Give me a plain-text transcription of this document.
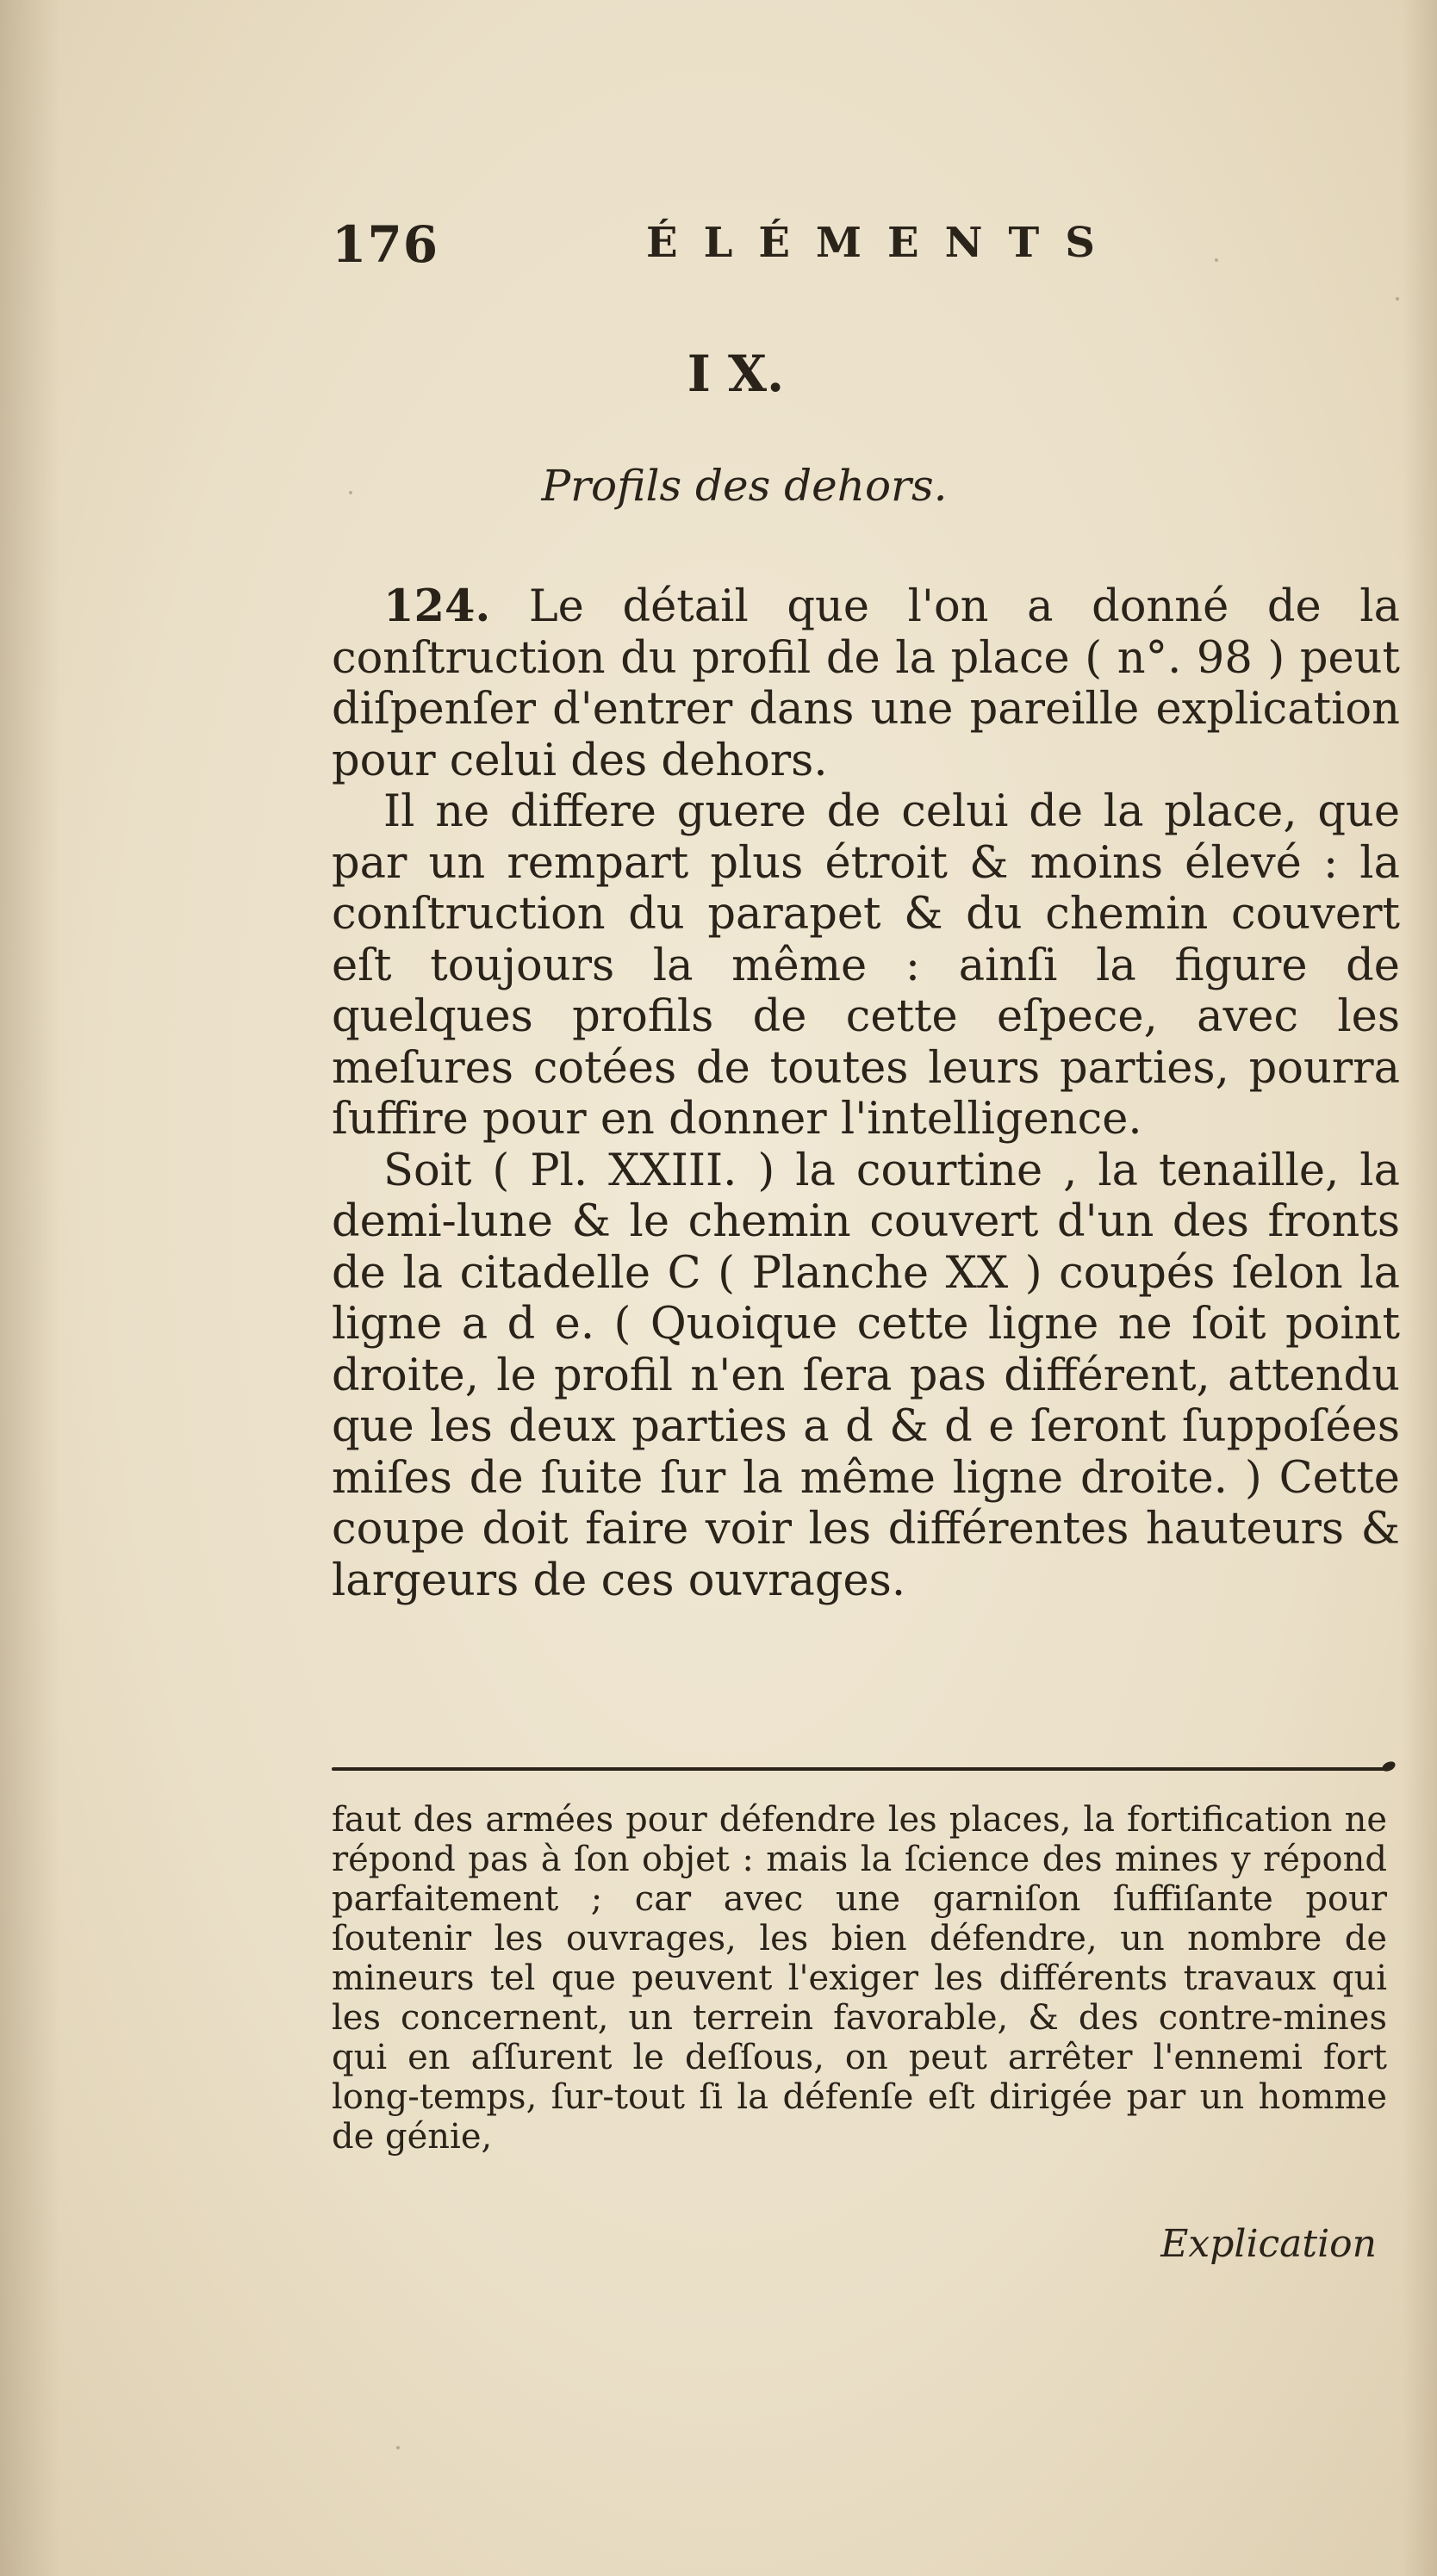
176	ÉLÉMENTS
I X.
Profils des dehors.

124. Le détail que l'on a donné de la conſtruction du profil de la place ( n°. 98 ) peut diſpenſer d'entrer dans une pareille explication pour celui des dehors.

Il ne differe guere de celui de la place, que par un rempart plus étroit & moins élevé : la conſtruction du parapet & du chemin couvert eſt toujours la même : ainſi la figure de quelques profils de cette eſpece, avec les meſures cotées de toutes leurs parties, pourra ſuffire pour en donner l'intelligence.

Soit ( Pl. XXIII. ) la courtine , la tenaille, la demi-lune & le chemin couvert d'un des fronts de la citadelle C ( Planche XX ) coupés ſelon la ligne a d e. ( Quoique cette ligne ne ſoit point droite, le profil n'en ſera pas différent, attendu que les deux parties a d & d e ſeront ſuppoſées miſes de ſuite ſur la même ligne droite. ) Cette coupe doit faire voir les différentes hauteurs & largeurs de ces ouvrages.

faut des armées pour défendre les places, la fortification ne répond pas à ſon objet : mais la ſcience des mines y répond parfaitement ; car avec une garniſon ſuffiſante pour ſoutenir les ouvrages, les bien défendre, un nombre de mineurs tel que peuvent l'exiger les différents travaux qui les concernent, un terrein favorable, & des contre-mines qui en aſſurent le deſſous, on peut arrêter l'ennemi fort long-temps, ſur-tout ſi la défenſe eſt dirigée par un homme de génie,

Explication
